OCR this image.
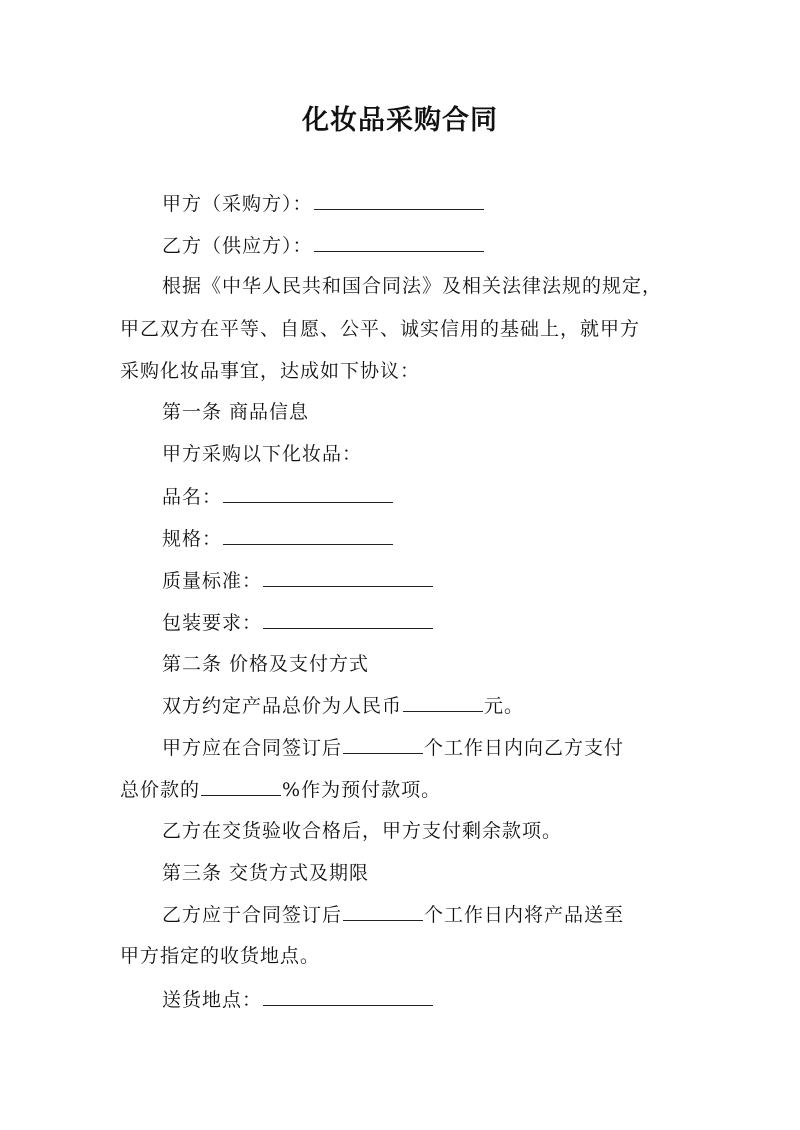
化妆品采购合同
甲方（采购方）：
乙方（供应方）：
根据《中华人民共和国合同法》及相关法律法规的规定，
甲乙双方在平等、自愿、公平、诚实信用的基础上，就甲方
采购化妆品事宜，达成如下协议：
第一条 商品信息
甲方采购以下化妆品：
品名：
规格：
质量标准：
包装要求：
第二条 价格及支付方式
双方约定产品总价为人民币	元。
甲方应在合同签订后	个工作日内向乙方支付
总价款的	%作为预付款项。
乙方在交货验收合格后，甲方支付剩余款项。
第三条 交货方式及期限
乙方应于合同签订后	个工作日内将产品送至
甲方指定的收货地点。
送货地点：
